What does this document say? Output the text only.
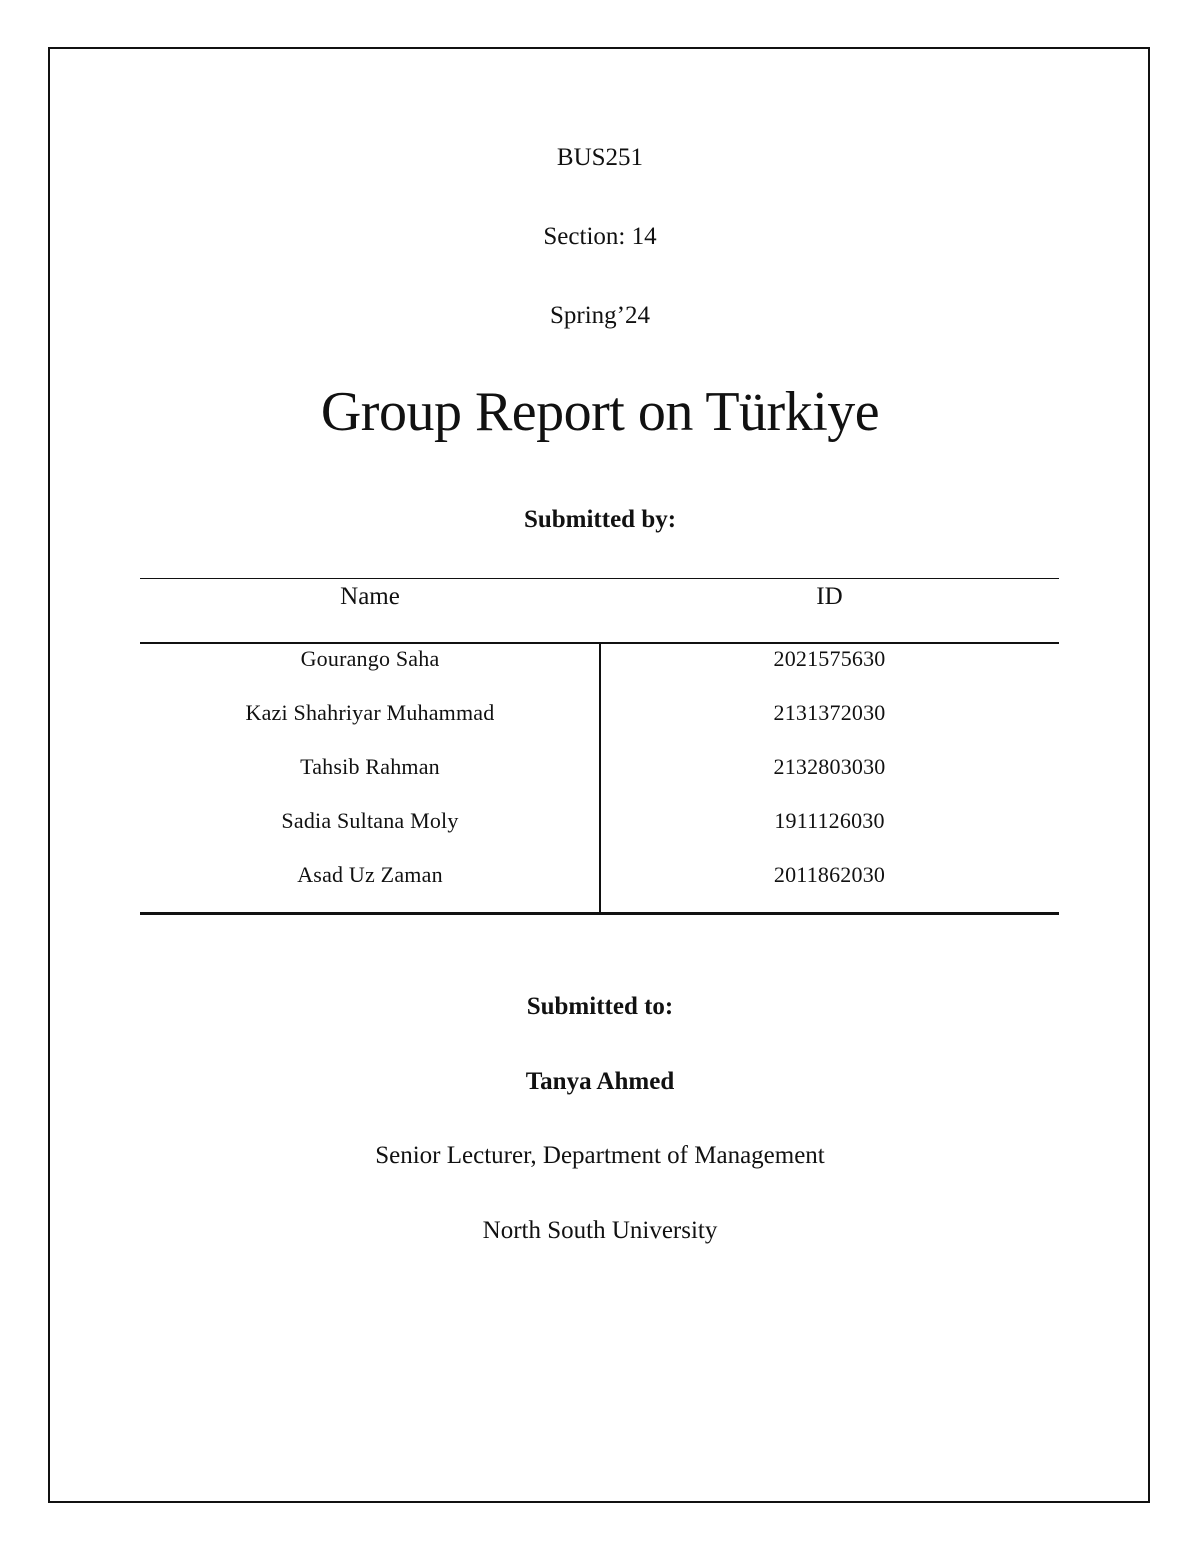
BUS251
Section: 14
Spring’24
Group Report on Türkiye
Submitted by:
Name	ID
Gourango Saha	2021575630
Kazi Shahriyar Muhammad	2131372030
Tahsib Rahman	2132803030
Sadia Sultana Moly	1911126030
Asad Uz Zaman	2011862030
Submitted to:
Tanya Ahmed
Senior Lecturer, Department of Management
North South University
